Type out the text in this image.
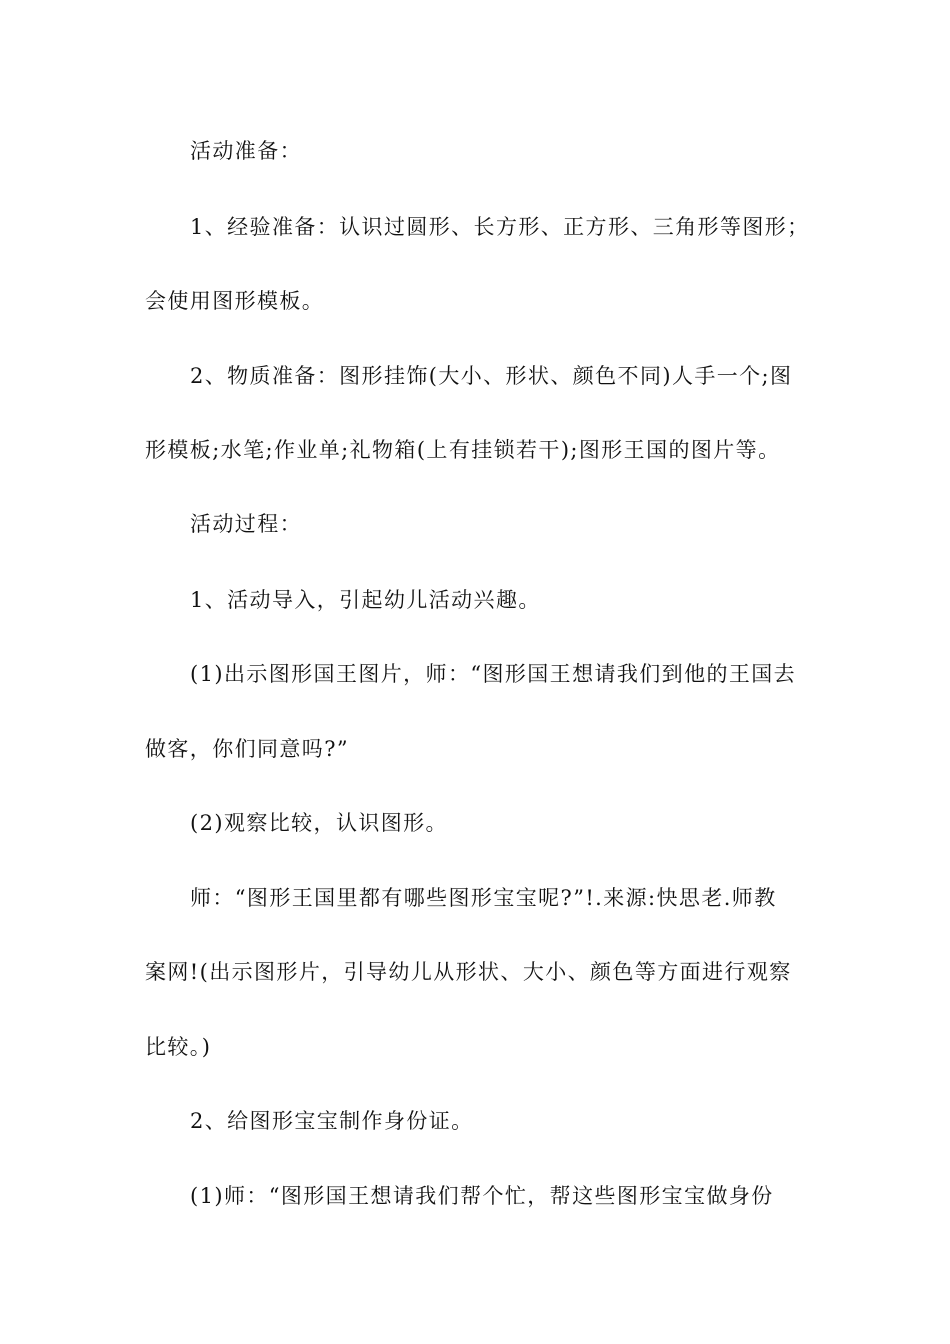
活动准备：
1、经验准备：认识过圆形、长方形、正方形、三角形等图形；
会使用图形模板。
2、物质准备：图形挂饰(大小、形状、颜色不同)人手一个;图
形模板;水笔;作业单;礼物箱(上有挂锁若干);图形王国的图片等。
活动过程：
1、活动导入，引起幼儿活动兴趣。
(1)出示图形国王图片，师：“图形国王想请我们到他的王国去
做客，你们同意吗?”
(2)观察比较，认识图形。
师：“图形王国里都有哪些图形宝宝呢?”!.来源:快思老.师教
案网!(出示图形片，引导幼儿从形状、大小、颜色等方面进行观察
比较。)
2、给图形宝宝制作身份证。
(1)师：“图形国王想请我们帮个忙，帮这些图形宝宝做身份
